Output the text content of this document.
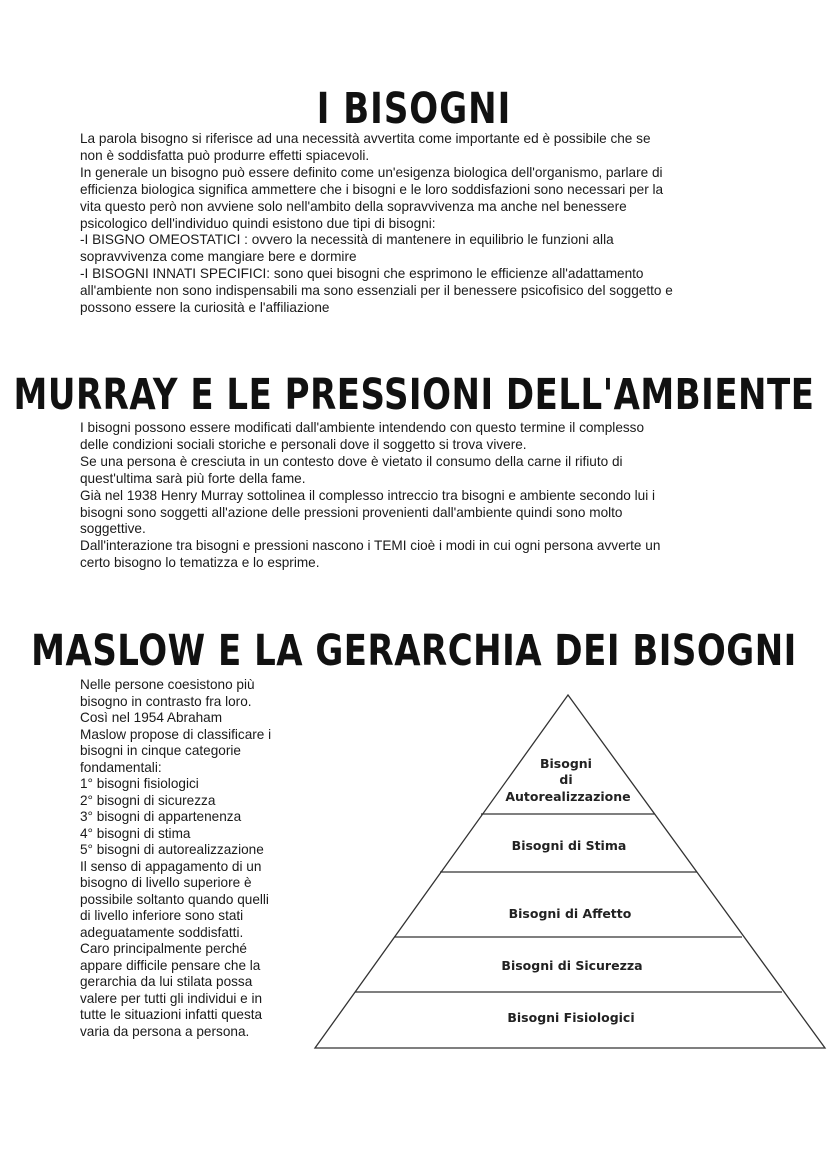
I BISOGNI

La parola bisogno si riferisce ad una necessità avvertita come importante ed è possibile che se

non è soddisfatta può produrre effetti spiacevoli.

In generale un bisogno può essere definito come un'esigenza biologica dell'organismo, parlare di

efficienza biologica significa ammettere che i bisogni e le loro soddisfazioni sono necessari per la

vita questo però non avviene solo nell'ambito della sopravvivenza ma anche nel benessere

psicologico dell'individuo quindi esistono due tipi di bisogni:

-I BISGNO OMEOSTATICI : ovvero la necessità di mantenere in equilibrio le funzioni alla

sopravvivenza come mangiare bere e dormire

-I BISOGNI INNATI SPECIFICI: sono quei bisogni che esprimono le efficienze all'adattamento

all'ambiente non sono indispensabili ma sono essenziali per il benessere psicofisico del soggetto e

possono essere la curiosità e l'affiliazione

MURRAY E LE PRESSIONI DELL'AMBIENTE

I bisogni possono essere modificati dall'ambiente intendendo con questo termine il complesso

delle condizioni sociali storiche e personali dove il soggetto si trova vivere.

Se una persona è cresciuta in un contesto dove è vietato il consumo della carne il rifiuto di

quest'ultima sarà più forte della fame.

Già nel 1938 Henry Murray sottolinea il complesso intreccio tra bisogni e ambiente secondo lui i

bisogni sono soggetti all'azione delle pressioni provenienti dall'ambiente quindi sono molto

soggettive.

Dall'interazione tra bisogni e pressioni nascono i TEMI cioè i modi in cui ogni persona avverte un

certo bisogno lo tematizza e lo esprime.

MASLOW E LA GERARCHIA DEI BISOGNI

Nelle persone coesistono più

bisogno in contrasto fra loro.

Così nel 1954 Abraham

Maslow propose di classificare i

bisogni in cinque categorie

fondamentali:

1° bisogni fisiologici

2° bisogni di sicurezza

3° bisogni di appartenenza

4° bisogni di stima

5° bisogni di autorealizzazione

Il senso di appagamento di un

bisogno di livello superiore è

possibile soltanto quando quelli

di livello inferiore sono stati

adeguatamente soddisfatti.

Caro principalmente perché

appare difficile pensare che la

gerarchia da lui stilata possa

valere per tutti gli individui e in

tutte le situazioni infatti questa

varia da persona a persona.

Bisogni
di
Autorealizzazione
Bisogni di Stima
Bisogni di Affetto
Bisogni di Sicurezza
Bisogni Fisiologici
